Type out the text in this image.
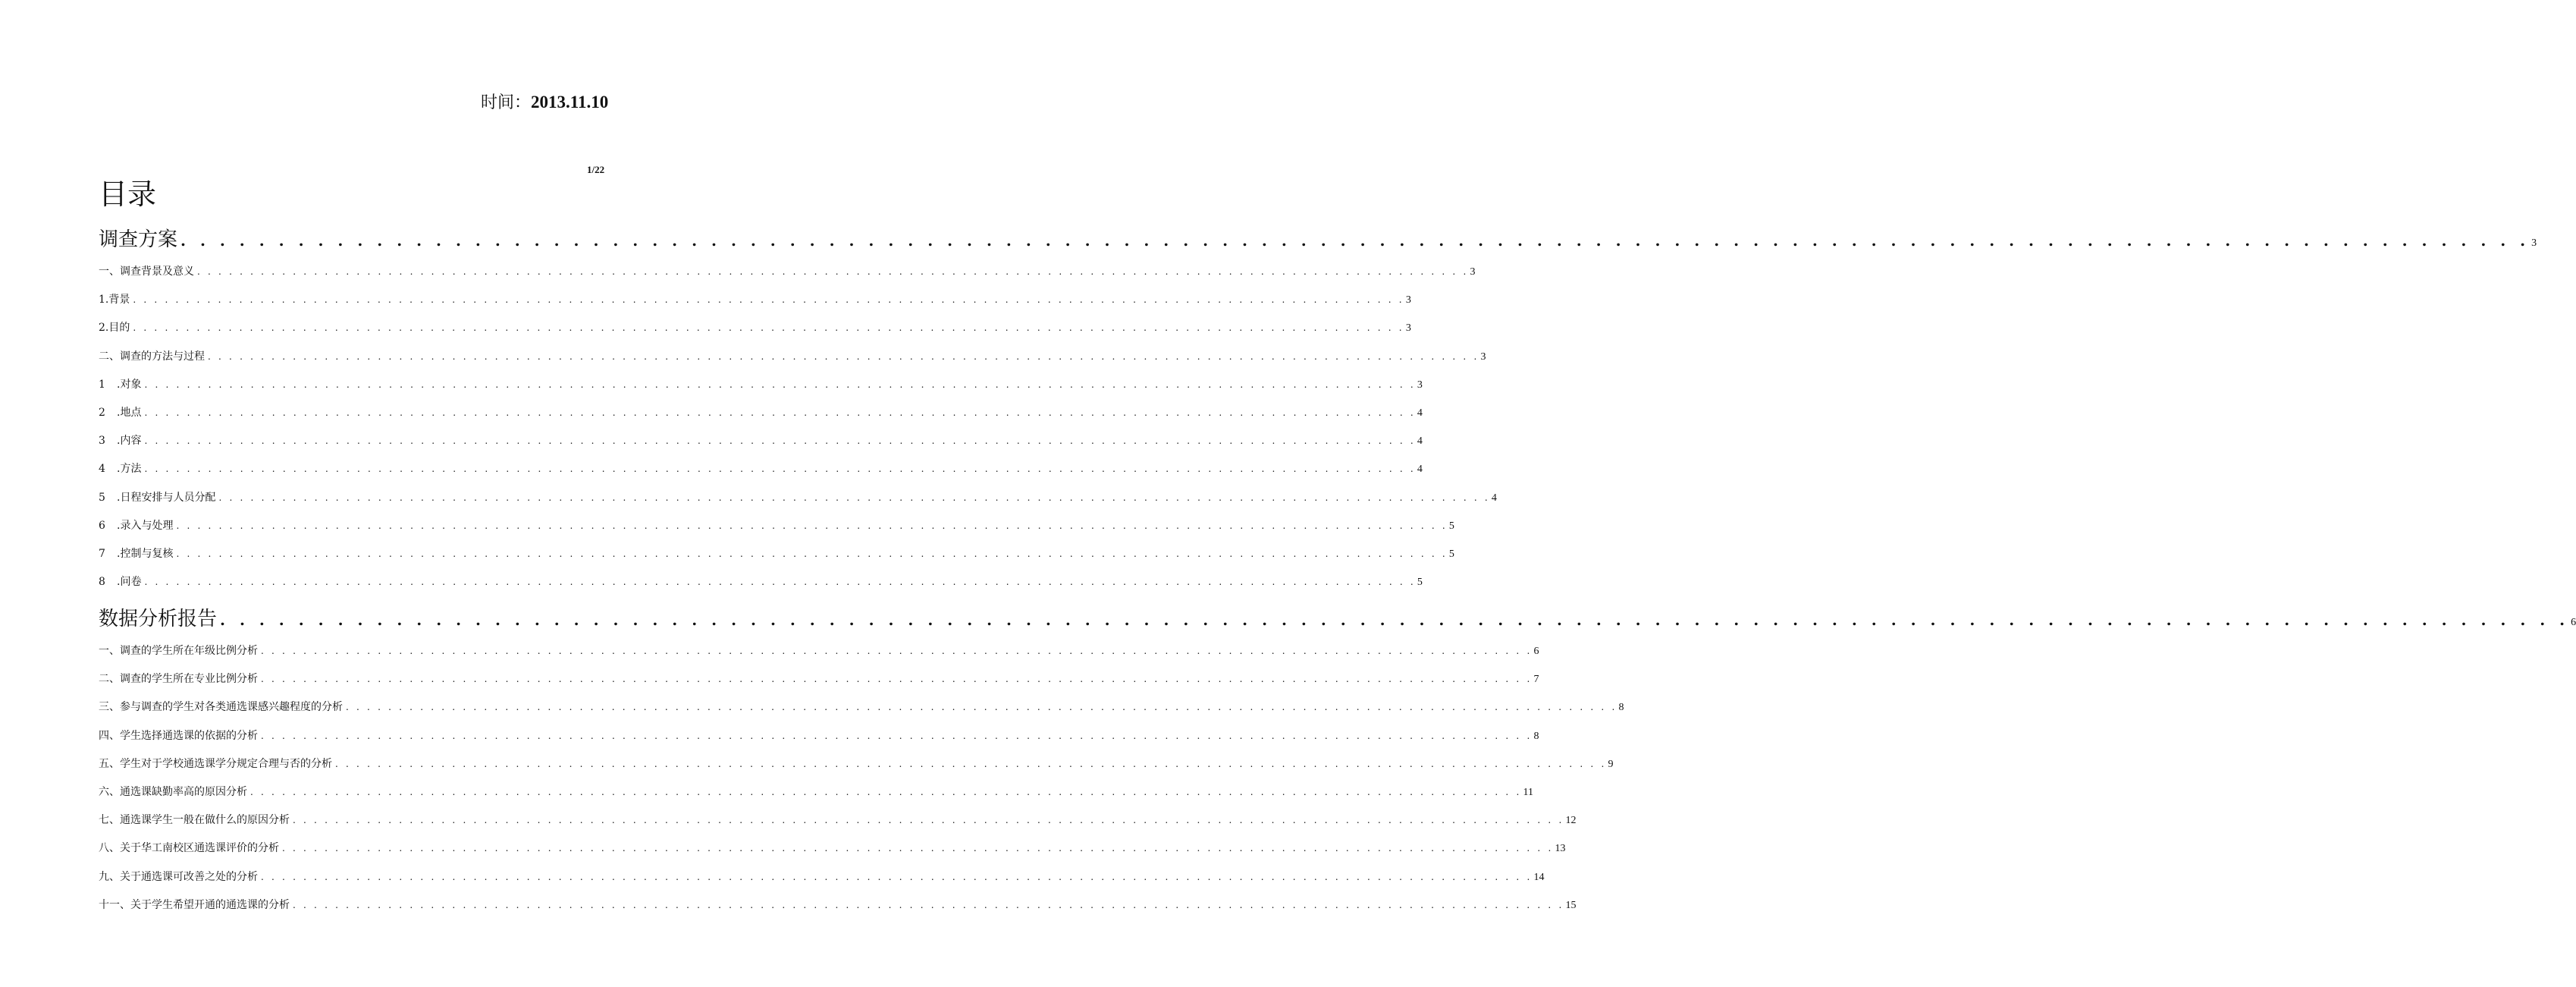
时间：2013.11.10
1/22
目录
调查方案 . . . . . . . . . . . . . . . . . . . . . . . . . . . . . . . . . . . . . . . . . . . . . . . . . . . . . . . . . . . . . . . . . . . . . . . . . . . . . . . . . . . . . . . . . . . . . . . . . . . . . . . . . . . . . . . . . . . . . . . . 3
一、调查背景及意义 . . . . . . . . . . . . . . . . . . . . . . . . . . . . . . . . . . . . . . . . . . . . . . . . . . . . . . . . . . . . . . . . . . . . . . . . . . . . . . . . . . . . . . . . . . . . . . . . . . . . . . . . . . . . . . . . . . . . . . . . 3
1.背景 . . . . . . . . . . . . . . . . . . . . . . . . . . . . . . . . . . . . . . . . . . . . . . . . . . . . . . . . . . . . . . . . . . . . . . . . . . . . . . . . . . . . . . . . . . . . . . . . . . . . . . . . . . . . . . . . . . . . . . . . 3
2.目的 . . . . . . . . . . . . . . . . . . . . . . . . . . . . . . . . . . . . . . . . . . . . . . . . . . . . . . . . . . . . . . . . . . . . . . . . . . . . . . . . . . . . . . . . . . . . . . . . . . . . . . . . . . . . . . . . . . . . . . . . 3
二、调查的方法与过程 . . . . . . . . . . . . . . . . . . . . . . . . . . . . . . . . . . . . . . . . . . . . . . . . . . . . . . . . . . . . . . . . . . . . . . . . . . . . . . . . . . . . . . . . . . . . . . . . . . . . . . . . . . . . . . . . . . . . . . . . 3
1 .对象 . . . . . . . . . . . . . . . . . . . . . . . . . . . . . . . . . . . . . . . . . . . . . . . . . . . . . . . . . . . . . . . . . . . . . . . . . . . . . . . . . . . . . . . . . . . . . . . . . . . . . . . . . . . . . . . . . . . . . . . . 3
2 .地点 . . . . . . . . . . . . . . . . . . . . . . . . . . . . . . . . . . . . . . . . . . . . . . . . . . . . . . . . . . . . . . . . . . . . . . . . . . . . . . . . . . . . . . . . . . . . . . . . . . . . . . . . . . . . . . . . . . . . . . . . 4
3 .内容 . . . . . . . . . . . . . . . . . . . . . . . . . . . . . . . . . . . . . . . . . . . . . . . . . . . . . . . . . . . . . . . . . . . . . . . . . . . . . . . . . . . . . . . . . . . . . . . . . . . . . . . . . . . . . . . . . . . . . . . . 4
4 .方法 . . . . . . . . . . . . . . . . . . . . . . . . . . . . . . . . . . . . . . . . . . . . . . . . . . . . . . . . . . . . . . . . . . . . . . . . . . . . . . . . . . . . . . . . . . . . . . . . . . . . . . . . . . . . . . . . . . . . . . . . 4
5 .日程安排与人员分配 . . . . . . . . . . . . . . . . . . . . . . . . . . . . . . . . . . . . . . . . . . . . . . . . . . . . . . . . . . . . . . . . . . . . . . . . . . . . . . . . . . . . . . . . . . . . . . . . . . . . . . . . . . . . . . . . . . . . . . . . 4
6 .录入与处理 . . . . . . . . . . . . . . . . . . . . . . . . . . . . . . . . . . . . . . . . . . . . . . . . . . . . . . . . . . . . . . . . . . . . . . . . . . . . . . . . . . . . . . . . . . . . . . . . . . . . . . . . . . . . . . . . . . . . . . . . 5
7 .控制与复核 . . . . . . . . . . . . . . . . . . . . . . . . . . . . . . . . . . . . . . . . . . . . . . . . . . . . . . . . . . . . . . . . . . . . . . . . . . . . . . . . . . . . . . . . . . . . . . . . . . . . . . . . . . . . . . . . . . . . . . . . 5
8 .问卷 . . . . . . . . . . . . . . . . . . . . . . . . . . . . . . . . . . . . . . . . . . . . . . . . . . . . . . . . . . . . . . . . . . . . . . . . . . . . . . . . . . . . . . . . . . . . . . . . . . . . . . . . . . . . . . . . . . . . . . . . 5
数据分析报告 . . . . . . . . . . . . . . . . . . . . . . . . . . . . . . . . . . . . . . . . . . . . . . . . . . . . . . . . . . . . . . . . . . . . . . . . . . . . . . . . . . . . . . . . . . . . . . . . . . . . . . . . . . . . . . . . . . . . . . . . 6
一、调查的学生所在年级比例分析 . . . . . . . . . . . . . . . . . . . . . . . . . . . . . . . . . . . . . . . . . . . . . . . . . . . . . . . . . . . . . . . . . . . . . . . . . . . . . . . . . . . . . . . . . . . . . . . . . . . . . . . . . . . . . . . . . . . . . . . . 6
二、调查的学生所在专业比例分析 . . . . . . . . . . . . . . . . . . . . . . . . . . . . . . . . . . . . . . . . . . . . . . . . . . . . . . . . . . . . . . . . . . . . . . . . . . . . . . . . . . . . . . . . . . . . . . . . . . . . . . . . . . . . . . . . . . . . . . . . 7
三、参与调查的学生对各类通选课感兴趣程度的分析 . . . . . . . . . . . . . . . . . . . . . . . . . . . . . . . . . . . . . . . . . . . . . . . . . . . . . . . . . . . . . . . . . . . . . . . . . . . . . . . . . . . . . . . . . . . . . . . . . . . . . . . . . . . . . . . . . . . . . . . . 8
四、学生选择通选课的依据的分析 . . . . . . . . . . . . . . . . . . . . . . . . . . . . . . . . . . . . . . . . . . . . . . . . . . . . . . . . . . . . . . . . . . . . . . . . . . . . . . . . . . . . . . . . . . . . . . . . . . . . . . . . . . . . . . . . . . . . . . . . 8
五、学生对于学校通选课学分规定合理与否的分析 . . . . . . . . . . . . . . . . . . . . . . . . . . . . . . . . . . . . . . . . . . . . . . . . . . . . . . . . . . . . . . . . . . . . . . . . . . . . . . . . . . . . . . . . . . . . . . . . . . . . . . . . . . . . . . . . . . . . . . . . 9
六、通选课缺勤率高的原因分析 . . . . . . . . . . . . . . . . . . . . . . . . . . . . . . . . . . . . . . . . . . . . . . . . . . . . . . . . . . . . . . . . . . . . . . . . . . . . . . . . . . . . . . . . . . . . . . . . . . . . . . . . . . . . . . . . . . . . . . . . 11
七、通选课学生一般在做什么的原因分析 . . . . . . . . . . . . . . . . . . . . . . . . . . . . . . . . . . . . . . . . . . . . . . . . . . . . . . . . . . . . . . . . . . . . . . . . . . . . . . . . . . . . . . . . . . . . . . . . . . . . . . . . . . . . . . . . . . . . . . . . 12
八、关于华工南校区通选课评价的分析 . . . . . . . . . . . . . . . . . . . . . . . . . . . . . . . . . . . . . . . . . . . . . . . . . . . . . . . . . . . . . . . . . . . . . . . . . . . . . . . . . . . . . . . . . . . . . . . . . . . . . . . . . . . . . . . . . . . . . . . . 13
九、关于通选课可改善之处的分析 . . . . . . . . . . . . . . . . . . . . . . . . . . . . . . . . . . . . . . . . . . . . . . . . . . . . . . . . . . . . . . . . . . . . . . . . . . . . . . . . . . . . . . . . . . . . . . . . . . . . . . . . . . . . . . . . . . . . . . . . 14
十一、关于学生希望开通的通选课的分析 . . . . . . . . . . . . . . . . . . . . . . . . . . . . . . . . . . . . . . . . . . . . . . . . . . . . . . . . . . . . . . . . . . . . . . . . . . . . . . . . . . . . . . . . . . . . . . . . . . . . . . . . . . . . . . . . . . . . . . . . 15
